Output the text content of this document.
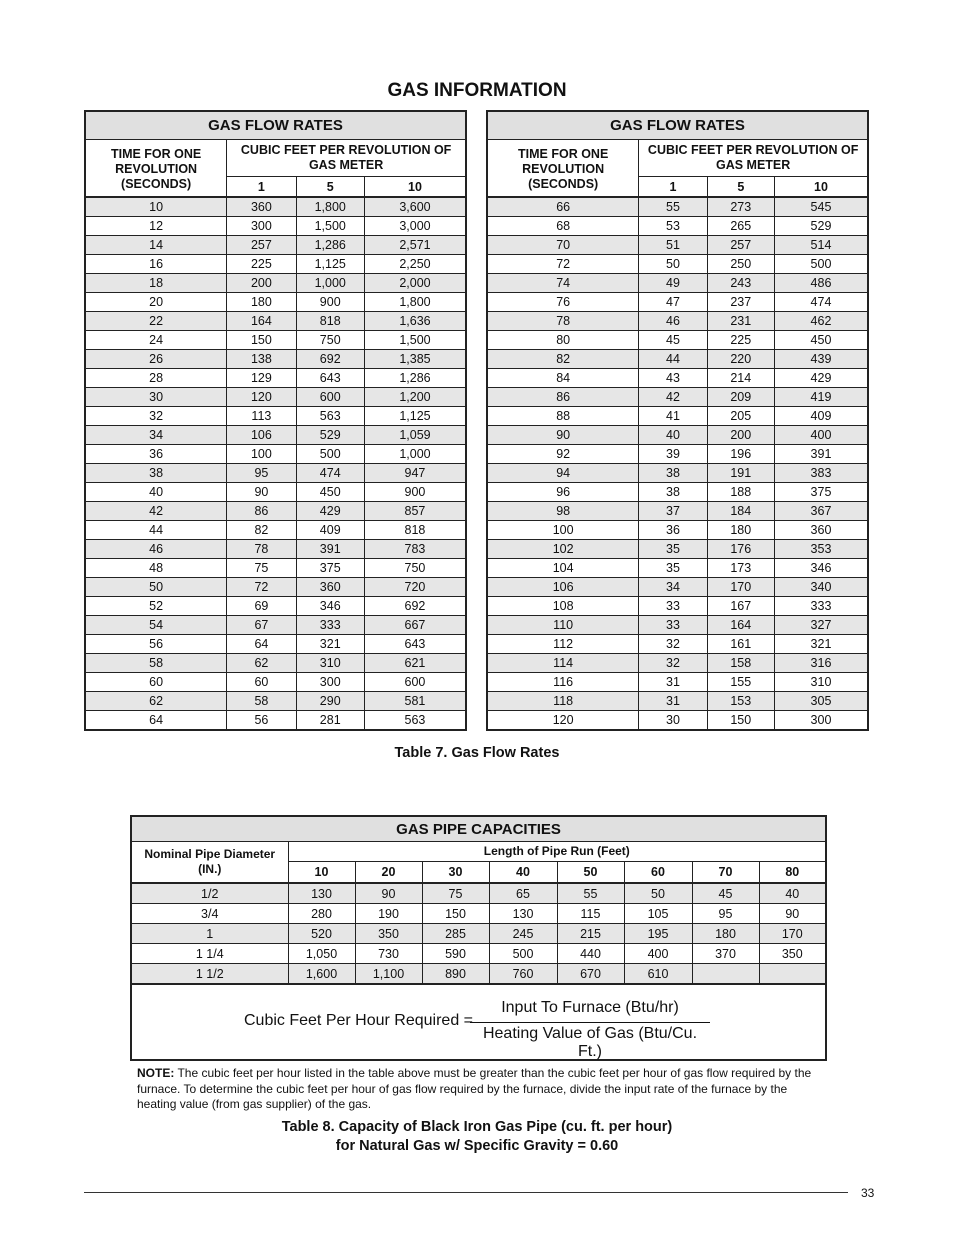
GAS INFORMATION
GAS FLOW RATES			
TIME FOR ONE REVOLUTION (SECONDS)	CUBIC FEET PER REVOLUTION OF GAS METER		
	1	5	10
10	360	1,800	3,600
12	300	1,500	3,000
14	257	1,286	2,571
16	225	1,125	2,250
18	200	1,000	2,000
20	180	900	1,800
22	164	818	1,636
24	150	750	1,500
26	138	692	1,385
28	129	643	1,286
30	120	600	1,200
32	113	563	1,125
34	106	529	1,059
36	100	500	1,000
38	95	474	947
40	90	450	900
42	86	429	857
44	82	409	818
46	78	391	783
48	75	375	750
50	72	360	720
52	69	346	692
54	67	333	667
56	64	321	643
58	62	310	621
60	60	300	600
62	58	290	581
64	56	281	563
GAS FLOW RATES			
TIME FOR ONE REVOLUTION (SECONDS)	CUBIC FEET PER REVOLUTION OF GAS METER		
	1	5	10
66	55	273	545
68	53	265	529
70	51	257	514
72	50	250	500
74	49	243	486
76	47	237	474
78	46	231	462
80	45	225	450
82	44	220	439
84	43	214	429
86	42	209	419
88	41	205	409
90	40	200	400
92	39	196	391
94	38	191	383
96	38	188	375
98	37	184	367
100	36	180	360
102	35	176	353
104	35	173	346
106	34	170	340
108	33	167	333
110	33	164	327
112	32	161	321
114	32	158	316
116	31	155	310
118	31	153	305
120	30	150	300
Table 7. Gas Flow Rates
GAS PIPE CAPACITIES								
Nominal Pipe Diameter (IN.)	Length of Pipe Run (Feet)							
	10	20	30	40	50	60	70	80
1/2	130	90	75	65	55	50	45	40
3/4	280	190	150	130	115	105	95	90
1	520	350	285	245	215	195	180	170
1 1/4	1,050	730	590	500	440	400	370	350
1 1/2	1,600	1,100	890	760	670	610		
Cubic Feet Per Hour Required =
Input To Furnace (Btu/hr)
Heating Value of Gas (Btu/Cu. Ft.)
NOTE: The cubic feet per hour listed in the table above must be greater than the cubic feet per hour of gas flow required by the furnace. To determine the cubic feet per hour of gas flow required by the furnace, divide the input rate of the furnace by the heating value (from gas supplier) of the gas.
Table 8. Capacity of Black Iron Gas Pipe (cu. ft. per hour)
for Natural Gas w/ Specific Gravity = 0.60
33
